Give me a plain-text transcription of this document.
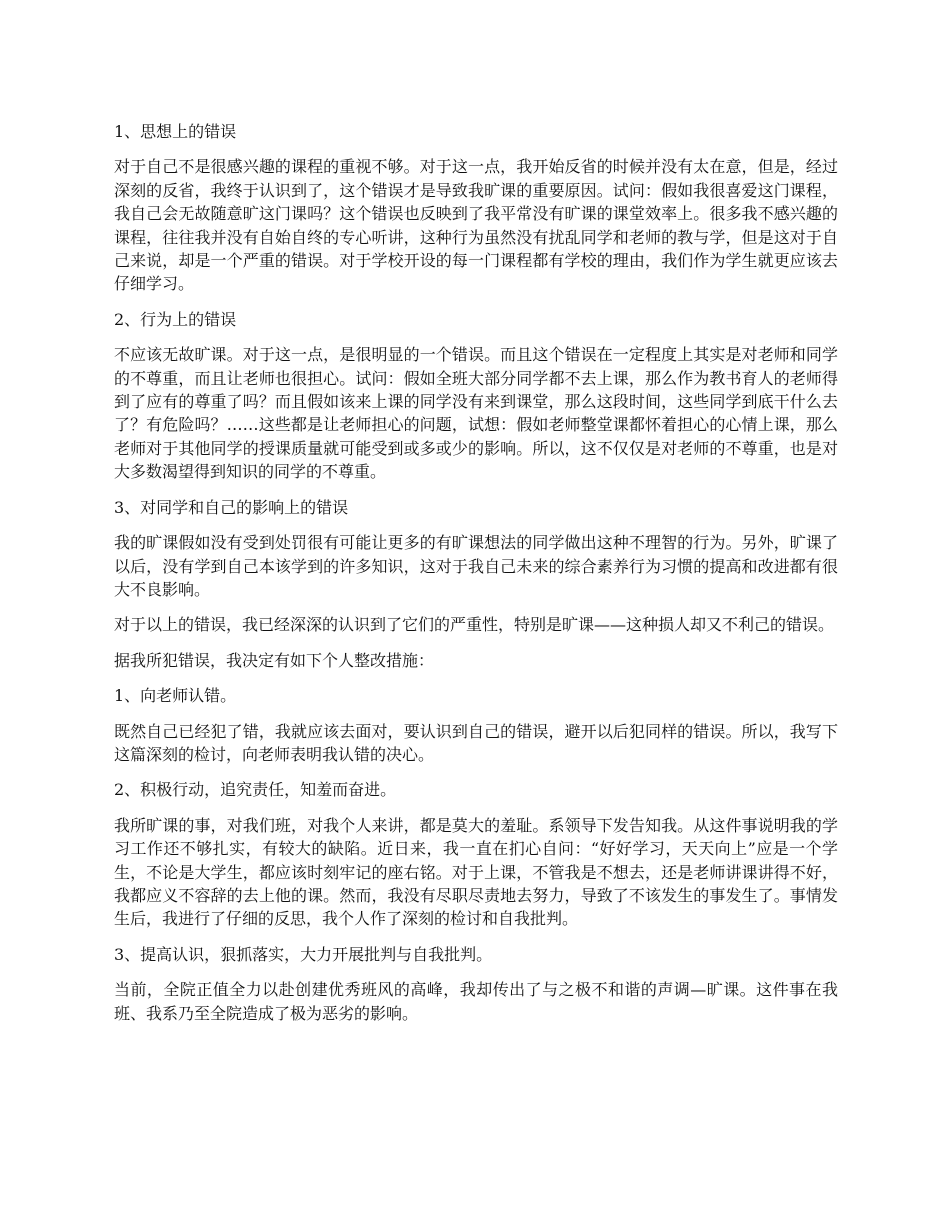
1、思想上的错误

对于自己不是很感兴趣的课程的重视不够。对于这一点，我开始反省的时候并没有太在意，但是，经过深刻的反省，我终于认识到了，这个错误才是导致我旷课的重要原因。试问：假如我很喜爱这门课程，我自己会无故随意旷这门课吗？这个错误也反映到了我平常没有旷课的课堂效率上。很多我不感兴趣的课程，往往我并没有自始自终的专心听讲，这种行为虽然没有扰乱同学和老师的教与学，但是这对于自己来说，却是一个严重的错误。对于学校开设的每一门课程都有学校的理由，我们作为学生就更应该去仔细学习。

2、行为上的错误

不应该无故旷课。对于这一点，是很明显的一个错误。而且这个错误在一定程度上其实是对老师和同学的不尊重，而且让老师也很担心。试问：假如全班大部分同学都不去上课，那么作为教书育人的老师得到了应有的尊重了吗？而且假如该来上课的同学没有来到课堂，那么这段时间，这些同学到底干什么去了？有危险吗？……这些都是让老师担心的问题，试想：假如老师整堂课都怀着担心的心情上课，那么老师对于其他同学的授课质量就可能受到或多或少的影响。所以，这不仅仅是对老师的不尊重，也是对大多数渴望得到知识的同学的不尊重。

3、对同学和自己的影响上的错误

我的旷课假如没有受到处罚很有可能让更多的有旷课想法的同学做出这种不理智的行为。另外，旷课了以后，没有学到自己本该学到的许多知识，这对于我自己未来的综合素养行为习惯的提高和改进都有很大不良影响。

对于以上的错误，我已经深深的认识到了它们的严重性，特别是旷课——这种损人却又不利己的错误。

据我所犯错误，我决定有如下个人整改措施：

1、向老师认错。

既然自己已经犯了错，我就应该去面对，要认识到自己的错误，避开以后犯同样的错误。所以，我写下这篇深刻的检讨，向老师表明我认错的决心。

2、积极行动，追究责任，知羞而奋进。

我所旷课的事，对我们班，对我个人来讲，都是莫大的羞耻。系领导下发告知我。从这件事说明我的学习工作还不够扎实，有较大的缺陷。近日来，我一直在扪心自问：“好好学习，天天向上”应是一个学生，不论是大学生，都应该时刻牢记的座右铭。对于上课，不管我是不想去，还是老师讲课讲得不好，我都应义不容辞的去上他的课。然而，我没有尽职尽责地去努力，导致了不该发生的事发生了。事情发生后，我进行了仔细的反思，我个人作了深刻的检讨和自我批判。

3、提高认识，狠抓落实，大力开展批判与自我批判。

当前，全院正值全力以赴创建优秀班风的高峰，我却传出了与之极不和谐的声调—旷课。这件事在我班、我系乃至全院造成了极为恶劣的影响。
